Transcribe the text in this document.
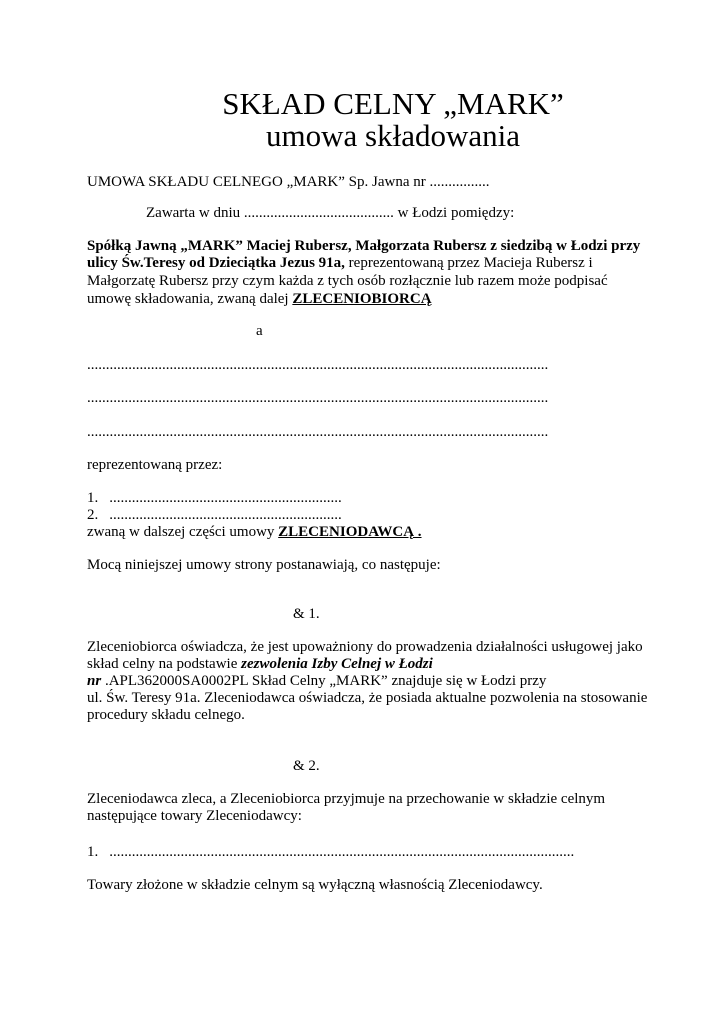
SKŁAD CELNY „MARK”
umowa składowania
UMOWA SKŁADU CELNEGO „MARK” Sp. Jawna nr ................
Zawarta w dniu ........................................ w Łodzi pomiędzy:
Spółką Jawną „MARK” Maciej Rubersz, Małgorzata Rubersz z siedzibą w Łodzi przy
ulicy Św.Teresy od Dzieciątka Jezus 91a, reprezentowaną przez Macieja Rubersz i
Małgorzatę Rubersz przy czym każda z tych osób rozłącznie lub razem może podpisać
umowę składowania, zwaną dalej ZLECENIOBIORCĄ
a
...........................................................................................................................
...........................................................................................................................
...........................................................................................................................
reprezentowaną przez:
1. ..............................................................
2. ..............................................................
zwaną w dalszej części umowy ZLECENIODAWCĄ .
Mocą niniejszej umowy strony postanawiają, co następuje:
& 1.
Zleceniobiorca oświadcza, że jest upoważniony do prowadzenia działalności usługowej jako
skład celny na podstawie zezwolenia Izby Celnej w Łodzi
nr .APL362000SA0002PL Skład Celny „MARK” znajduje się w Łodzi przy
ul. Św. Teresy 91a. Zleceniodawca oświadcza, że posiada aktualne pozwolenia na stosowanie
procedury składu celnego.
& 2.
Zleceniodawca zleca, a Zleceniobiorca przyjmuje na przechowanie w składzie celnym
następujące towary Zleceniodawcy:
1. ............................................................................................................................
Towary złożone w składzie celnym są wyłączną własnością Zleceniodawcy.
